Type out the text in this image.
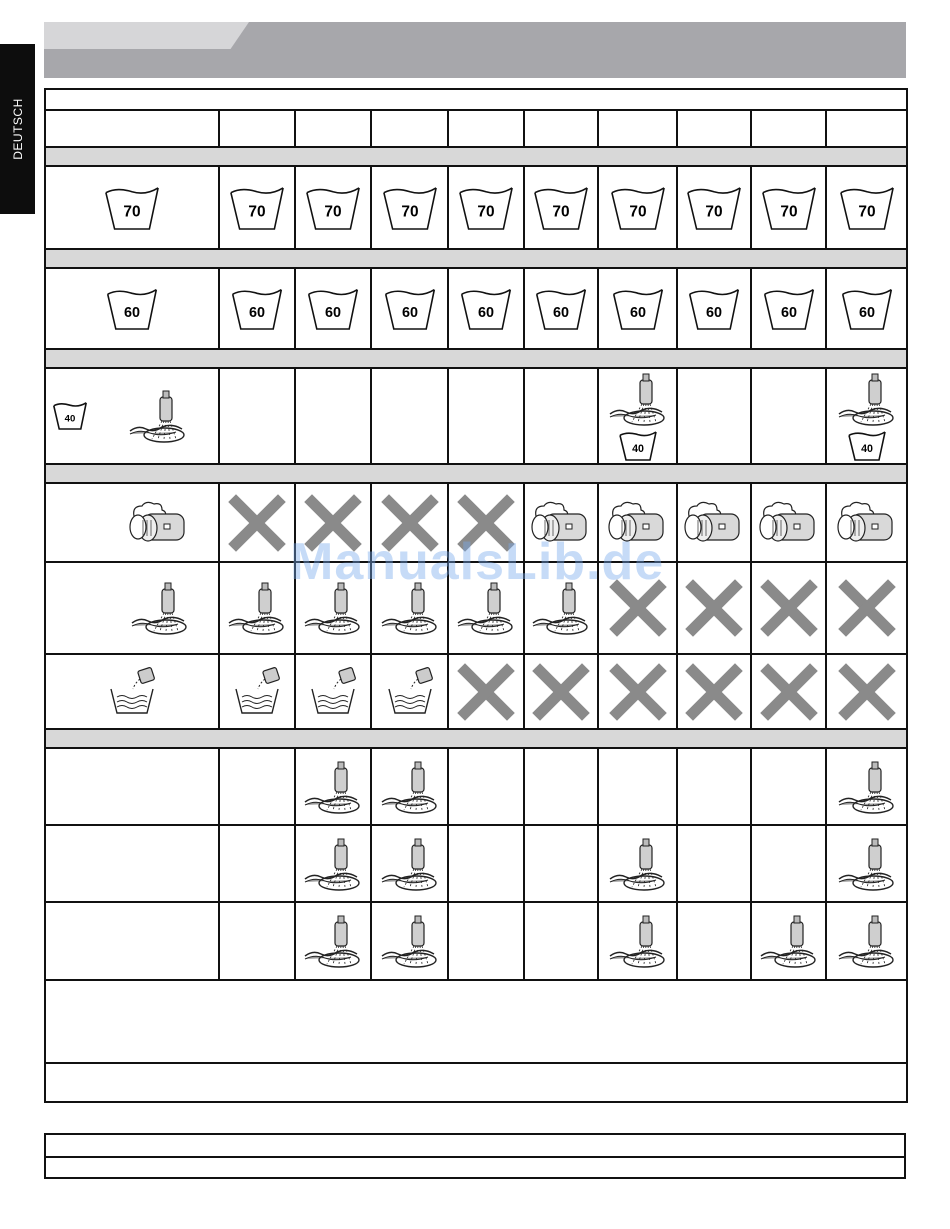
DEUTSCH

70	70	70	70	70	70	70	70	70	70

60	60	60	60	60	60	60	60	60	60

40						40			40

ManualsLib.de
